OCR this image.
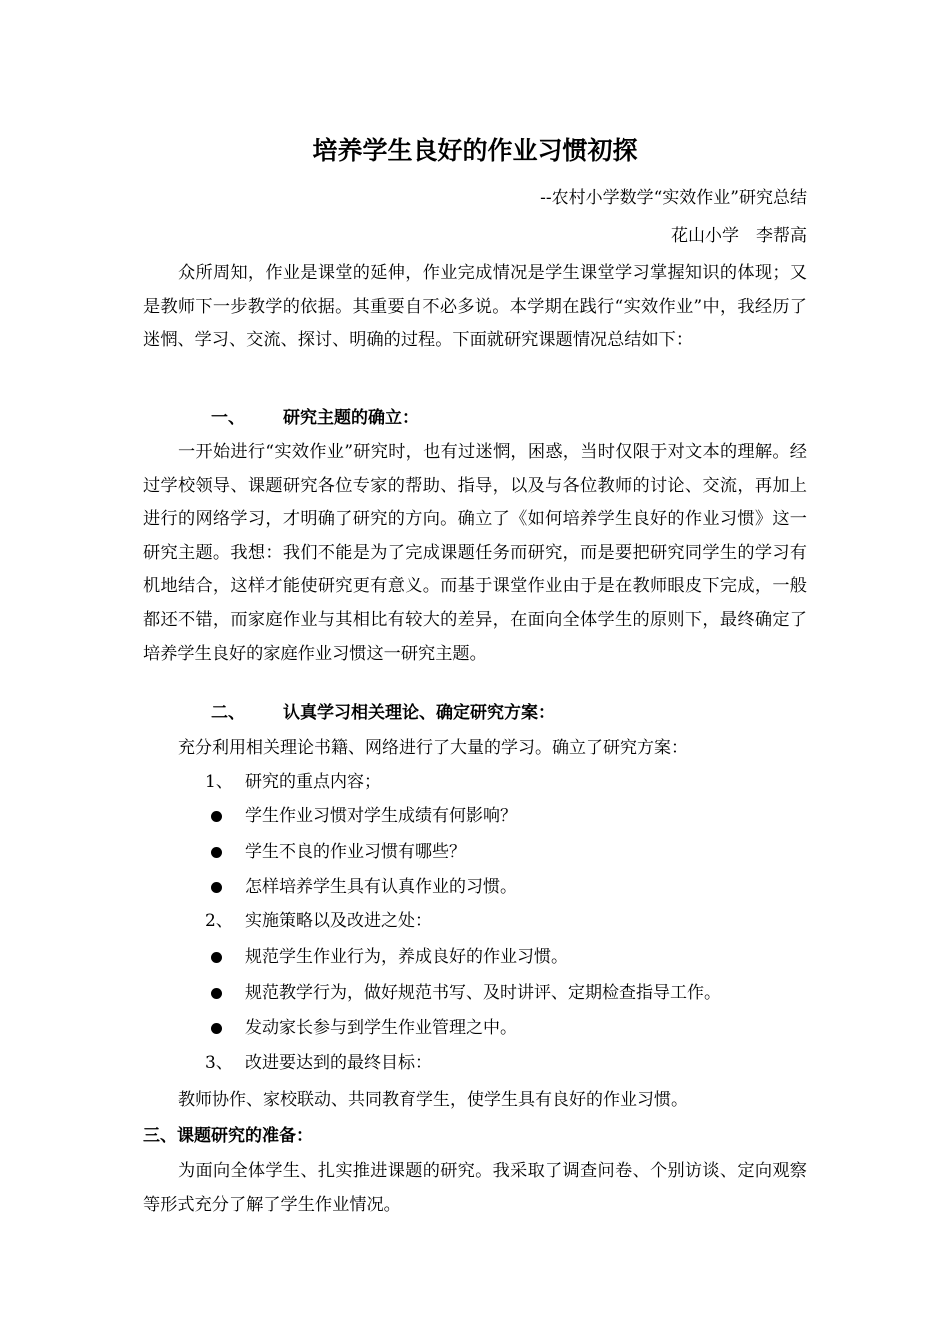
培养学生良好的作业习惯初探
--农村小学数学“实效作业”研究总结
花山小学　李帮高
众所周知，作业是课堂的延伸，作业完成情况是学生课堂学习掌握知识的体现；又是教师下一步教学的依据。其重要自不必多说。本学期在践行“实效作业”中，我经历了迷惘、学习、交流、探讨、明确的过程。下面就研究课题情况总结如下：
一、 研究主题的确立：
一开始进行“实效作业”研究时，也有过迷惘，困惑，当时仅限于对文本的理解。经过学校领导、课题研究各位专家的帮助、指导，以及与各位教师的讨论、交流，再加上进行的网络学习，才明确了研究的方向。确立了《如何培养学生良好的作业习惯》这一研究主题。我想：我们不能是为了完成课题任务而研究，而是要把研究同学生的学习有机地结合，这样才能使研究更有意义。而基于课堂作业由于是在教师眼皮下完成，一般都还不错，而家庭作业与其相比有较大的差异，在面向全体学生的原则下，最终确定了培养学生良好的家庭作业习惯这一研究主题。
二、 认真学习相关理论、确定研究方案：
充分利用相关理论书籍、网络进行了大量的学习。确立了研究方案：
1、 研究的重点内容；
学生作业习惯对学生成绩有何影响？
学生不良的作业习惯有哪些？
怎样培养学生具有认真作业的习惯。
2、 实施策略以及改进之处：
规范学生作业行为，养成良好的作业习惯。
规范教学行为，做好规范书写、及时讲评、定期检查指导工作。
发动家长参与到学生作业管理之中。
3、 改进要达到的最终目标：
教师协作、家校联动、共同教育学生，使学生具有良好的作业习惯。
三、课题研究的准备：
为面向全体学生、扎实推进课题的研究。我采取了调查问卷、个别访谈、定向观察等形式充分了解了学生作业情况。
